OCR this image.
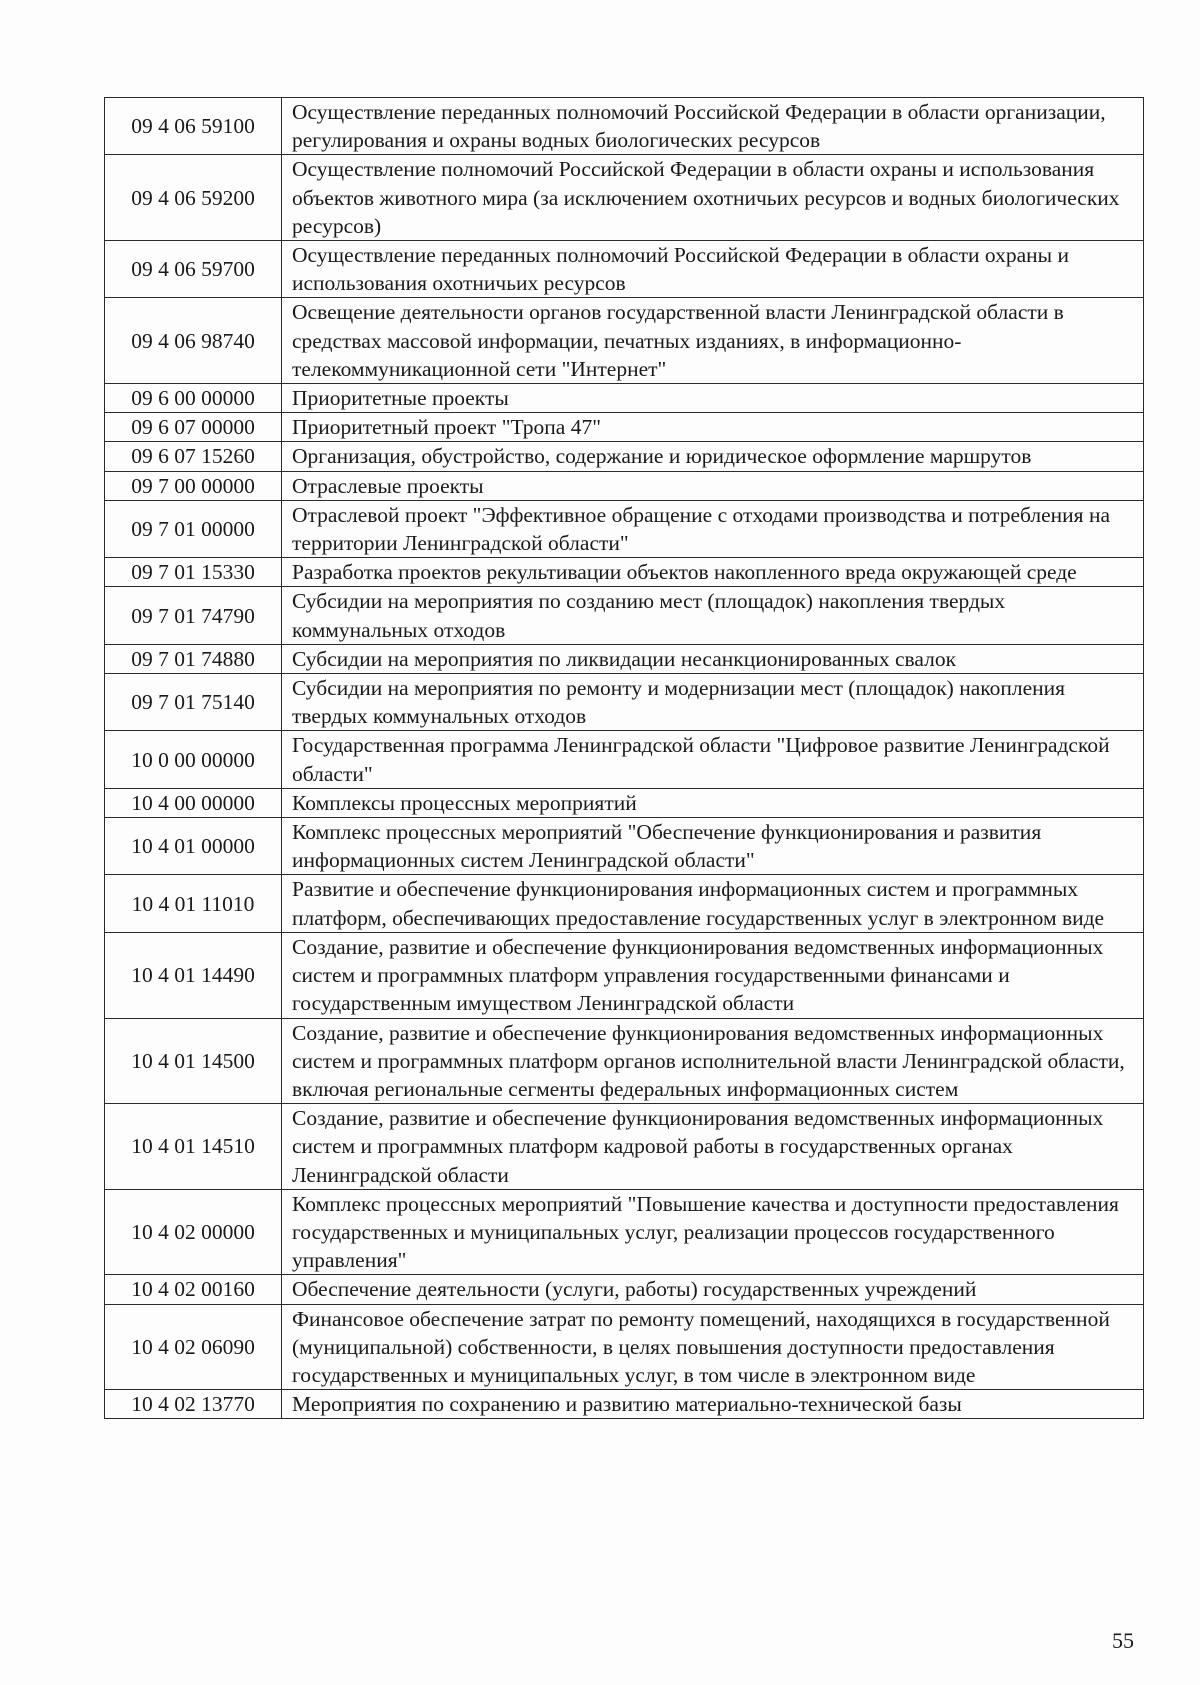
09 4 06 59100	Осуществление переданных полномочий Российской Федерации в области организации, регулирования и охраны водных биологических ресурсов
09 4 06 59200	Осуществление полномочий Российской Федерации в области охраны и использования объектов животного мира (за исключением охотничьих ресурсов и водных биологических ресурсов)
09 4 06 59700	Осуществление переданных полномочий Российской Федерации в области охраны и использования охотничьих ресурсов
09 4 06 98740	Освещение деятельности органов государственной власти Ленинградской области в средствах массовой информации, печатных изданиях, в информационно-телекоммуникационной сети "Интернет"
09 6 00 00000	Приоритетные проекты
09 6 07 00000	Приоритетный проект "Тропа 47"
09 6 07 15260	Организация, обустройство, содержание и юридическое оформление маршрутов
09 7 00 00000	Отраслевые проекты
09 7 01 00000	Отраслевой проект "Эффективное обращение с отходами производства и потребления на территории Ленинградской области"
09 7 01 15330	Разработка проектов рекультивации объектов накопленного вреда окружающей среде
09 7 01 74790	Субсидии на мероприятия по созданию мест (площадок) накопления твердых коммунальных отходов
09 7 01 74880	Субсидии на мероприятия по ликвидации несанкционированных свалок
09 7 01 75140	Субсидии на мероприятия по ремонту и модернизации мест (площадок) накопления твердых коммунальных отходов
10 0 00 00000	Государственная программа Ленинградской области "Цифровое развитие Ленинградской области"
10 4 00 00000	Комплексы процессных мероприятий
10 4 01 00000	Комплекс процессных мероприятий "Обеспечение функционирования и развития информационных систем Ленинградской области"
10 4 01 11010	Развитие и обеспечение функционирования информационных систем и программных платформ, обеспечивающих предоставление государственных услуг в электронном виде
10 4 01 14490	Создание, развитие и обеспечение функционирования ведомственных информационных систем и программных платформ управления государственными финансами и государственным имуществом Ленинградской области
10 4 01 14500	Создание, развитие и обеспечение функционирования ведомственных информационных систем и программных платформ органов исполнительной власти Ленинградской области, включая региональные сегменты федеральных информационных систем
10 4 01 14510	Создание, развитие и обеспечение функционирования ведомственных информационных систем и программных платформ кадровой работы в государственных органах Ленинградской области
10 4 02 00000	Комплекс процессных мероприятий "Повышение качества и доступности предоставления государственных и муниципальных услуг, реализации процессов государственного управления"
10 4 02 00160	Обеспечение деятельности (услуги, работы) государственных учреждений
10 4 02 06090	Финансовое обеспечение затрат по ремонту помещений, находящихся в государственной (муниципальной) собственности, в целях повышения доступности предоставления государственных и муниципальных услуг, в том числе в электронном виде
10 4 02 13770	Мероприятия по сохранению и развитию материально-технической базы
55
